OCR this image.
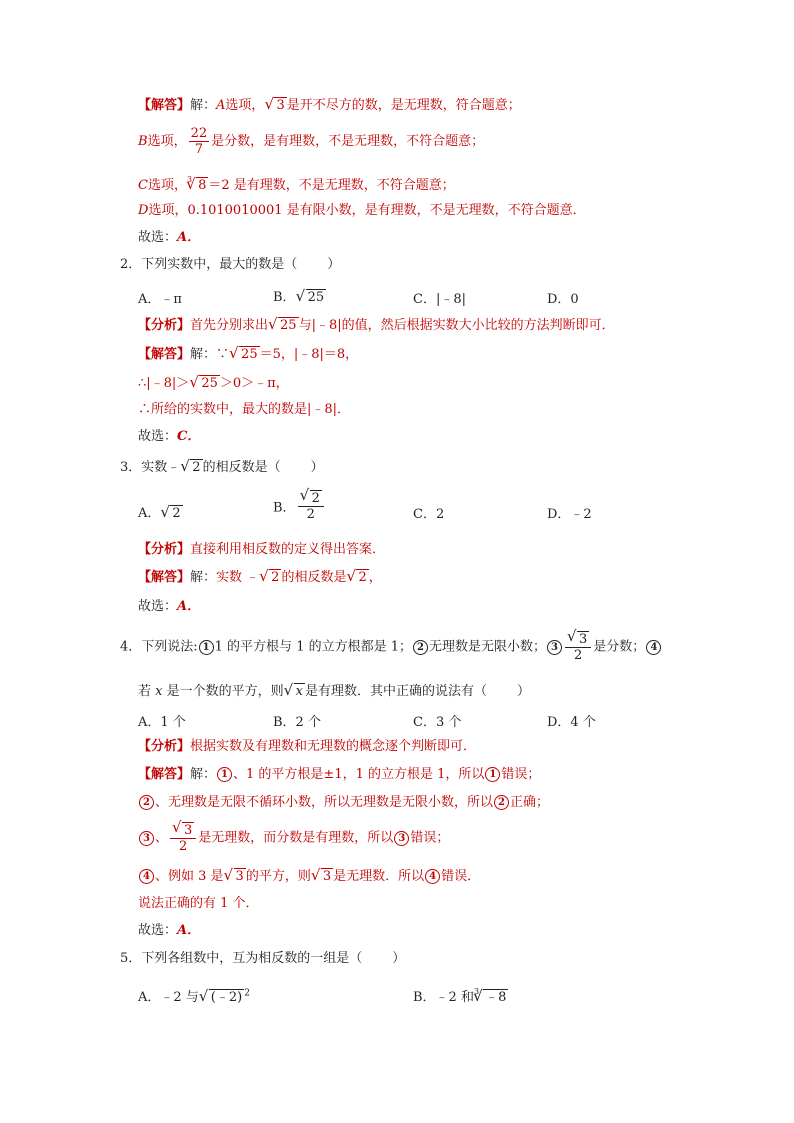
【解答】解：A选项， √ 3 是开不尽方的数，是无理数，符合题意；
B选项， $\frac{22}{7}$ 是分数，是有理数，不是无理数，不符合题意；
C选项，$^3$ √ 8 ＝2 是有理数，不是无理数，不符合题意；
D选项，0.1010010001 是有限小数，是有理数，不是无理数，不符合题意．
故选：A．
2．下列实数中，最大的数是（ ）
A．﹣π	B． √ 25	C．|﹣8|	D．0
【分析】首先分别求出 √ 25 与|﹣8|的值，然后根据实数大小比较的方法判断即可．
【解答】解：∵ √ 25 ＝5，|﹣8|＝8，
∴|﹣8|＞ √ 25 ＞0＞﹣π，
∴所给的实数中，最大的数是|﹣8|．
故选：C．
3．实数﹣ √ 2 的相反数是（ ）
A． √ 2	B． √ $\frac{2}{2}$	C．2	D．﹣2
【分析】直接利用相反数的定义得出答案．
【解答】解：实数 ﹣ √ 2 的相反数是 √ 2 ，
故选：A．
4．下列说法: 1 1 的平方根与 1 的立方根都是 1； 2 无理数是无限小数； 3 √ $\frac{3}{2}$ 是分数； 4
若 x 是一个数的平方，则 √ x 是有理数．其中正确的说法有（ ）
A．1 个	B．2 个	C．3 个	D．4 个
【分析】根据实数及有理数和无理数的概念逐个判断即可．
【解答】解： 1 、1 的平方根是±1，1 的立方根是 1，所以 1 错误；
2 、无理数是无限不循环小数，所以无理数是无限小数，所以 2 正确；
3 、 √ $\frac{3}{2}$ 是无理数，而分数是有理数，所以 3 错误；
4 、例如 3 是 √ 3 的平方，则 √ 3 是无理数．所以 4 错误．
说法正确的有 1 个．
故选：A．
5．下列各组数中，互为相反数的一组是（ ）
A．﹣2 与 √ (﹣2) $^2$	B．﹣2 和$^3$ √ ﹣8
